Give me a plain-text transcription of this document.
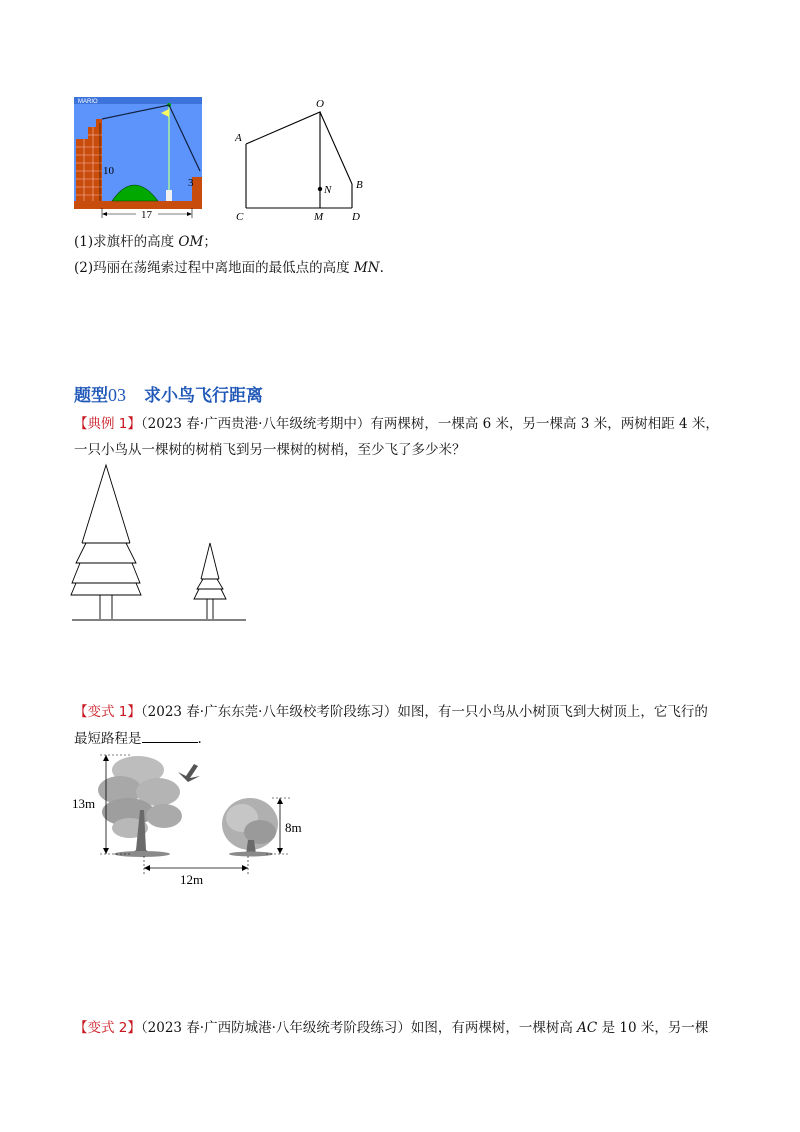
MARIO
10
3
17
O
A
B
C	M	D
N
(1)求旗杆的高度 OM；
(2)玛丽在荡绳索过程中离地面的最低点的高度 MN.
题型03 求小鸟飞行距离
【典例 1】（2023 春·广西贵港·八年级统考期中）有两棵树，一棵高 6 米，另一棵高 3 米，两树相距 4 米，
一只小鸟从一棵树的树梢飞到另一棵树的树梢，至少飞了多少米？
【变式 1】（2023 春·广东东莞·八年级校考阶段练习）如图，有一只小鸟从小树顶飞到大树顶上，它飞行的
最短路程是	.
13m
8m
12m
【变式 2】（2023 春·广西防城港·八年级统考阶段练习）如图，有两棵树，一棵树高 AC 是 10 米，另一棵
